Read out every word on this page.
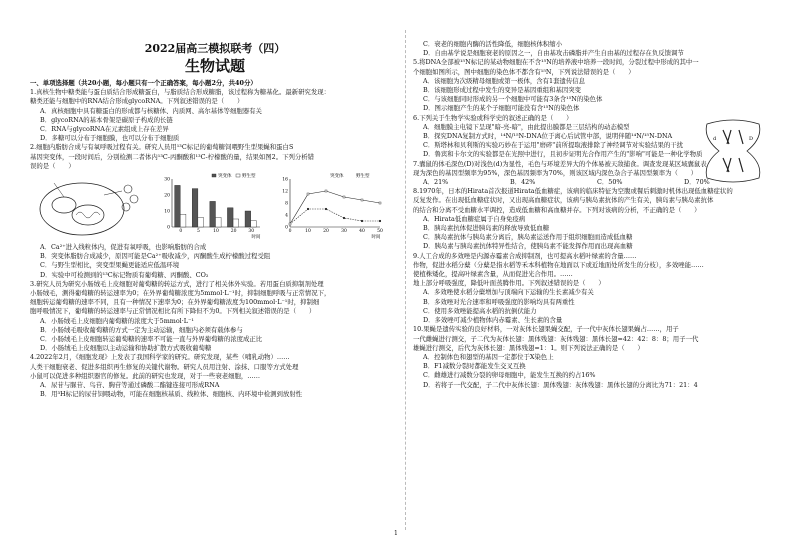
2022届高三模拟联考（四）
生物试题
一、单项选择题（共20小题，每小题只有一个正确答案，每小题2分，共40分）
1.真核生物中糖类能与蛋白质结合形成糖蛋白，与脂质结合形成糖脂，该过程称为糖基化。最新研究发现：
糖类还能与细胞中的RNA结合形成glycoRNA。下列叙述错误的是（　　）
A．真核细胞中具有糖蛋白的形成都与核糖体、内质网、高尔基体等细胞器有关
B．glycoRNA的基本骨架是碳原子构成的长链
C．RNA与glycoRNA在元素组成上存在差异
D．多糖可以分布于细胞膜，也可以分布于细胞质
2.细胞内脂肪合成与有氧呼吸过程有关。研究人员用¹³C标记的葡萄糖饲喂野生型果蝇和蛋白S
基因突变体，一段时间后，分别检测二者体内¹³C-丙酮酸和¹³C-柠檬酸的量，结果如图2。下列分析错
误的是（　　）
0	5	10	20	30
0
10
20
30
时间
突变体 野生型	突变体	野生型
0	10	20	30	40	50
0
4
8
12
16
时间
A．Ca²⁺进入线粒体内，促进有氧呼吸，也影响脂肪的合成
B．突变体脂肪合成减少，原因可能是Ca²⁺吸收减少，丙酮酸生成柠檬酸过程受阻
C．与野生型相比，突变型果蝇更能适应低温环境
D．实验中可检测到的¹³C标记物质有葡萄糖、丙酮酸、CO₂
3.研究人员为研究小肠绒毛上皮细胞对葡萄糖的转运方式，进行了相关体外实验。若用蛋白质抑制剂处理
小肠绒毛，测得葡萄糖的转运速率为0；在外界葡萄糖浓度为5mmol·L⁻¹时，抑制细胞呼吸与正常情况下，
细胞转运葡萄糖的速率不同，且有一种情况下速率为0；在外界葡萄糖浓度为100mmol·L⁻¹时，抑制细
胞呼吸情况下，葡萄糖的转运速率与正常情况相比有所下降但不为0。下列相关叙述错误的是（　　）
A．小肠绒毛上皮细胞内葡萄糖的浓度大于5mmol·L⁻¹
B．小肠绒毛吸收葡萄糖的方式一定为主动运输，细胞内必须有载体参与
C．小肠绒毛上皮细胞转运葡萄糖的速率不可能一直与外界葡萄糖的浓度成正比
D．小肠绒毛上皮细胞以主动运输和协助扩散方式吸收葡萄糖
4.2022年2月，《细胞发现》上发表了我国科学家的研究。研究发现，某些（哺乳动物）……
人类干细胞衰老、促进多组织再生修复的关键代谢物。研究人员用注射、涂抹、口服等方式处理
小鼠可以促进多种组织器官的修复。此前的研究也发现，对于一些衰老细胞，……
A．尿苷与脲苷、鸟苷、胸苷等通过磷酸二酯键连接可形成RNA
B．用³H标记的尿苷饲喂动物，可能在细胞核基质、线粒体、细胞核、内环境中检测到放射性
C．衰老的细胞内酶的活性降低，细胞核体积缩小
D．自由基学说是细胞衰老的原因之一，自由基攻击磷脂并产生自由基的过程存在负反馈调节
5.将DNA全部被¹⁵N标记的某动物细胞在不含¹⁵N的培养液中培养一段时间，分裂过程中形成的其中一
个细胞如图所示，图中细胞的染色体不都含有¹⁵N，下列说法错误的是（　　）
A．该细胞为次级精母细胞或第一极体，含有1套遗传信息
B．该细胞形成过程中发生的变异是基因重组和基因突变
C．与该细胞同时形成的另一个细胞中可能有3条含¹⁵N的染色体
D．图示细胞产生的某个子细胞可能没有含¹⁵N的染色体
6.下列关于生物学实验或科学史的叙述正确的是（　　）
A．细胞膜主电镜下呈现"暗-亮-暗"，由此提出膜都是三层结构的动态模型
B．探究DNA复制方式时，¹⁴N/¹⁵N-DNA位于离心后试管中部，说明伴随¹⁴N/¹⁵N-DNA
C．斯塔林和贝利斯的实验巧妙在于运用"磨碎"前所提取液排除了神经调节对实验结果的干扰
D．鲁宾和卡尔文的实验都是在光照中进行，且初步证明光合作用产生的"影响"可能是一种化学物质
7.囊鼠的体毛深色(D)对浅色(d)为显性，毛色与环境差异大的个体易被天敌捕食。调查发现某区域囊鼠表
现为深色的基因型频率为95%，深色基因频率为70%，则该区域内深色杂合子基因型频率为（　　）
A．21%	B．42%	C．50%	D．70%
8.1970年，日本的Hirata首次报道Hirata低血糖症，该病的临床特征为空腹或餐后刺激时机体出现低血糖症状的
反复发作。在出现低血糖症状时，又出现高血糖症状，该病与胰岛素抗体的产生有关，胰岛素与胰岛素抗体
的结合和分离不受血糖水平调控，造成低血糖和高血糖并存。下列对该病的分析，不正确的是（　　）
A．Hirata低血糖症属于自身免疫病
B．胰岛素抗体促进胰岛素的释放导致低血糖
C．胰岛素抗体与胰岛素分离后，胰岛素运送作用于组织细胞而造成低血糖
D．胰岛素与胰岛素抗体特异性结合，使胰岛素不能发挥作用而出现高血糖
9.人工合成的多效唑是内源赤霉素合成抑制剂，也可提高水稻叶绿素的含量……
作物，促进水稻分蘖（分蘖是指水稻等禾本科植物在地面以下或近地面处所发生的分枝），多效唑能……
使植株矮化，提高叶绿素含量，从而促进光合作用。……
地上部分呼吸强度，降低叶面蒸腾作用。下列叙述错误的是（　　）
A．多效唑使水稻分蘖增加与顶端向下运输的生长素减少有关
B．多效唑对光合速率和呼吸强度的影响均具有两重性
C．使用多效唑能提高水稻的抗倒伏能力
D．多效唑可减少植物体内赤霉素、生长素的含量
10.果蝇是遗传实验的良好材料，一对灰体长翅果蝇交配，子一代中灰体长翅果蝇占……，用子
一代雌蝇进行测交，子二代为灰体长翅：黑体残翅：灰体残翅：黑体长翅=42：42：8：8；用子一代
雄蝇进行测交，后代为灰体长翅：黑体残翅=1：1。则下列说法正确的是（　　）
A．控制体色和翅型的基因一定都位于X染色上
B．F1减数分裂时都能发生交叉互换
C．雌雄进行减数分裂的卵母细胞中，能发生互换的约占16%
D．若将子一代交配，子二代中灰体长翅：黑体残翅：灰体残翅：黑体长翅的分离比为71：21：4
d	D
1
